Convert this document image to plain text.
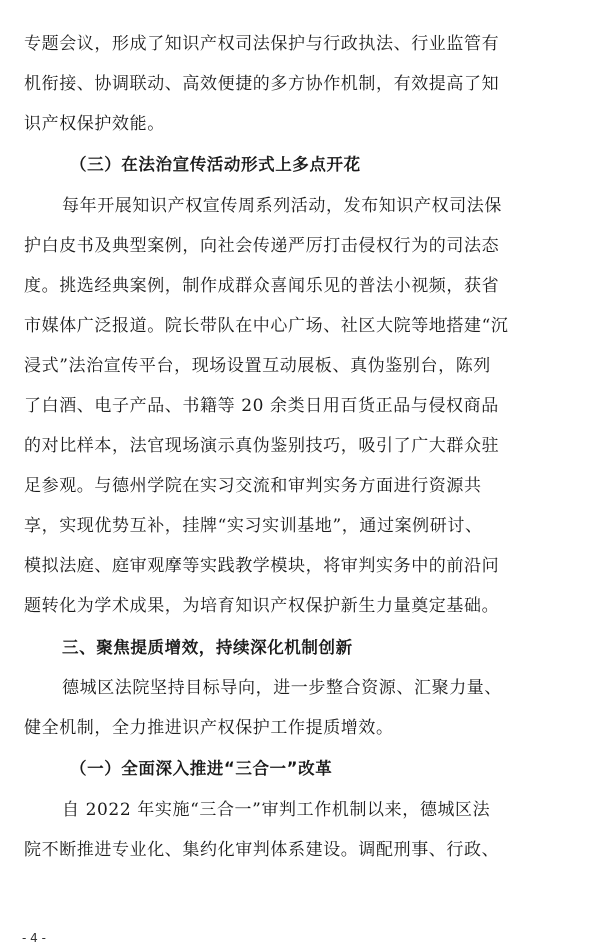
专题会议，形成了知识产权司法保护与行政执法、行业监管有
机衔接、协调联动、高效便捷的多方协作机制，有效提高了知
识产权保护效能。
（三）在法治宣传活动形式上多点开花
每年开展知识产权宣传周系列活动，发布知识产权司法保
护白皮书及典型案例，向社会传递严厉打击侵权行为的司法态
度。挑选经典案例，制作成群众喜闻乐见的普法小视频，获省
市媒体广泛报道。院长带队在中心广场、社区大院等地搭建“沉
浸式”法治宣传平台，现场设置互动展板、真伪鉴别台，陈列
了白酒、电子产品、书籍等 20 余类日用百货正品与侵权商品
的对比样本，法官现场演示真伪鉴别技巧，吸引了广大群众驻
足参观。与德州学院在实习交流和审判实务方面进行资源共
享，实现优势互补，挂牌“实习实训基地”，通过案例研讨、
模拟法庭、庭审观摩等实践教学模块，将审判实务中的前沿问
题转化为学术成果，为培育知识产权保护新生力量奠定基础。
三、聚焦提质增效，持续深化机制创新
德城区法院坚持目标导向，进一步整合资源、汇聚力量、
健全机制，全力推进识产权保护工作提质增效。
（一）全面深入推进“三合一”改革
自 2022 年实施“三合一”审判工作机制以来，德城区法
院不断推进专业化、集约化审判体系建设。调配刑事、行政、
- 4 -
